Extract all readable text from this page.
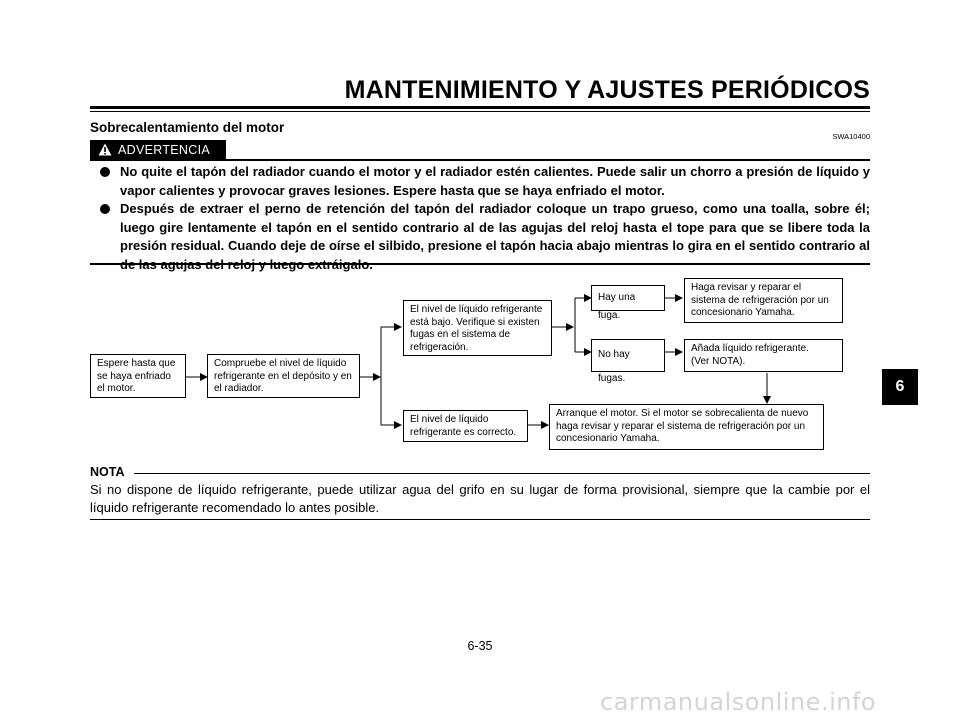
MANTENIMIENTO Y AJUSTES PERIÓDICOS
Sobrecalentamiento del motor
SWA10400
ADVERTENCIA

No quite el tapón del radiador cuando el motor y el radiador estén calientes. Puede salir un chorro a presión de líquido y vapor calientes y provocar graves lesiones. Espere hasta que se haya enfriado el motor.

Después de extraer el perno de retención del tapón del radiador coloque un trapo grueso, como una toalla, sobre él; luego gire lentamente el tapón en el sentido contrario al de las agujas del reloj hasta el tope para que se libere toda la presión residual. Cuando deje de oírse el silbido, presione el tapón hacia abajo mientras lo gira en el sentido contrario al

Espere hasta que
se haya enfriado
el motor.
Compruebe el nivel de líquido
refrigerante en el depósito y en
el radiador.
El nivel de líquido refrigerante
está bajo. Verifique si existen
fugas en el sistema de
refrigeración.
El nivel de líquido
refrigerante es correcto.
Hay una fuga.
No hay fugas.
Haga revisar y reparar el
sistema de refrigeración por un
concesionario Yamaha.
Añada líquido refrigerante.
(Ver NOTA).
Arranque el motor. Si el motor se sobrecalienta de nuevo
haga revisar y reparar el sistema de refrigeración por un
concesionario Yamaha.
NOTA
Si no dispone de líquido refrigerante, puede utilizar agua del grifo en su lugar de forma provisional, siempre que la cambie por el líquido refrigerante recomendado lo antes posible.
6
6-35
carmanualsonline.info
